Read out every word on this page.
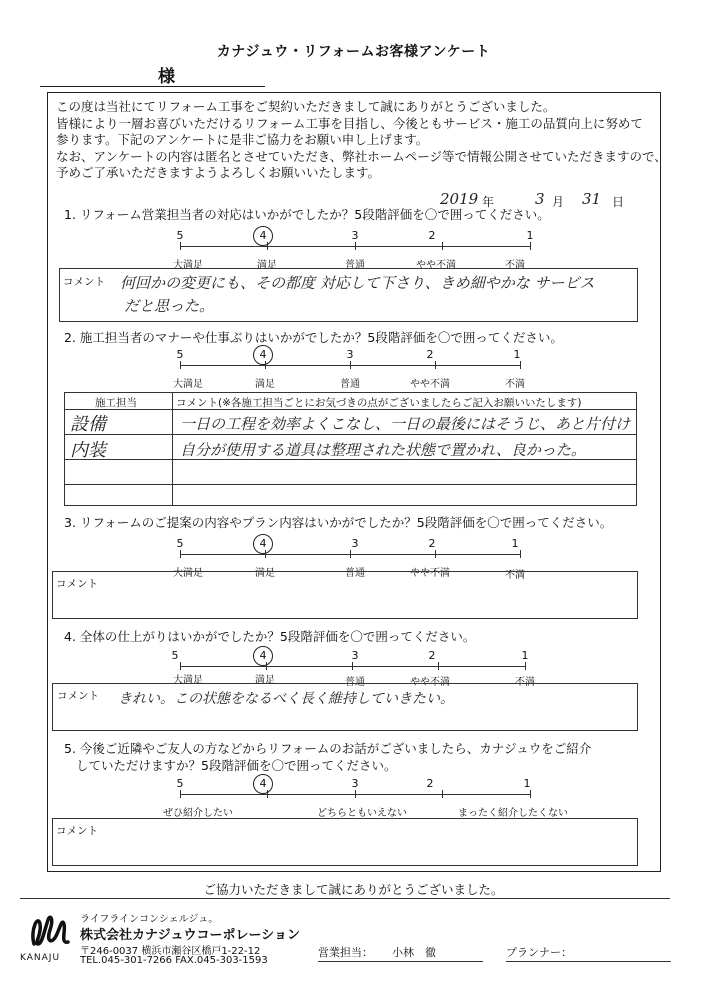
カナジュウ・リフォームお客様アンケート
様
この度は当社にてリフォーム工事をご契約いただきまして誠にありがとうございました。
皆様により一層お喜びいただけるリフォーム工事を目指し、今後ともサービス・施工の品質向上に努めて
参ります。下記のアンケートに是非ご協力をお願い申し上げます。
なお、アンケートの内容は匿名とさせていただき、弊社ホームページ等で情報公開させていただきますので、
予めご了承いただきますようよろしくお願いいたします。
2019 年	3 月 31 日
1. リフォーム営業担当者の対応はいかがでしたか？5段階評価を〇で囲ってください。
5	4	3	2	1
大満足	満足	普通	やや不満	不満
コメント 何回かの変更にも、その都度 対応して下さり、きめ細やかな サービス
だと思った。
2. 施工担当者のマナーや仕事ぶりはいかがでしたか？5段階評価を〇で囲ってください。
5	4	3	2	1
大満足	満足	普通	やや不満	不満
施工担当	コメント(※各施工担当ごとにお気づきの点がございましたらご記入お願いいたします)
設備	一日の工程を効率よくこなし、一日の最後にはそうじ、あと片付け
内装	自分が使用する道具は整理された状態で置かれ、良かった。
3. リフォームのご提案の内容やプラン内容はいかがでしたか？5段階評価を〇で囲ってください。
5	4	3	2	1
大満足	満足	普通	やや不満	不満
コメント
4. 全体の仕上がりはいかがでしたか？5段階評価を〇で囲ってください。
5	4	3	2	1
大満足	満足	普通	やや不満	不満
コメント きれい。この状態をなるべく長く維持していきたい。
5. 今後ご近隣やご友人の方などからリフォームのお話がございましたら、カナジュウをご紹介
していただけますか？5段階評価を〇で囲ってください。
5	4	3	2	1
ぜひ紹介したい	どちらともいえない	まったく紹介したくない
コメント
ご協力いただきまして誠にありがとうございました。
KANAJU
ライフラインコンシェルジュ。
株式会社カナジュウコーポレーション
〒246-0037 横浜市瀬谷区橋戸1-22-12
TEL.045-301-7266 FAX.045-303-1593
営業担当： 小林　徹	プランナー：
